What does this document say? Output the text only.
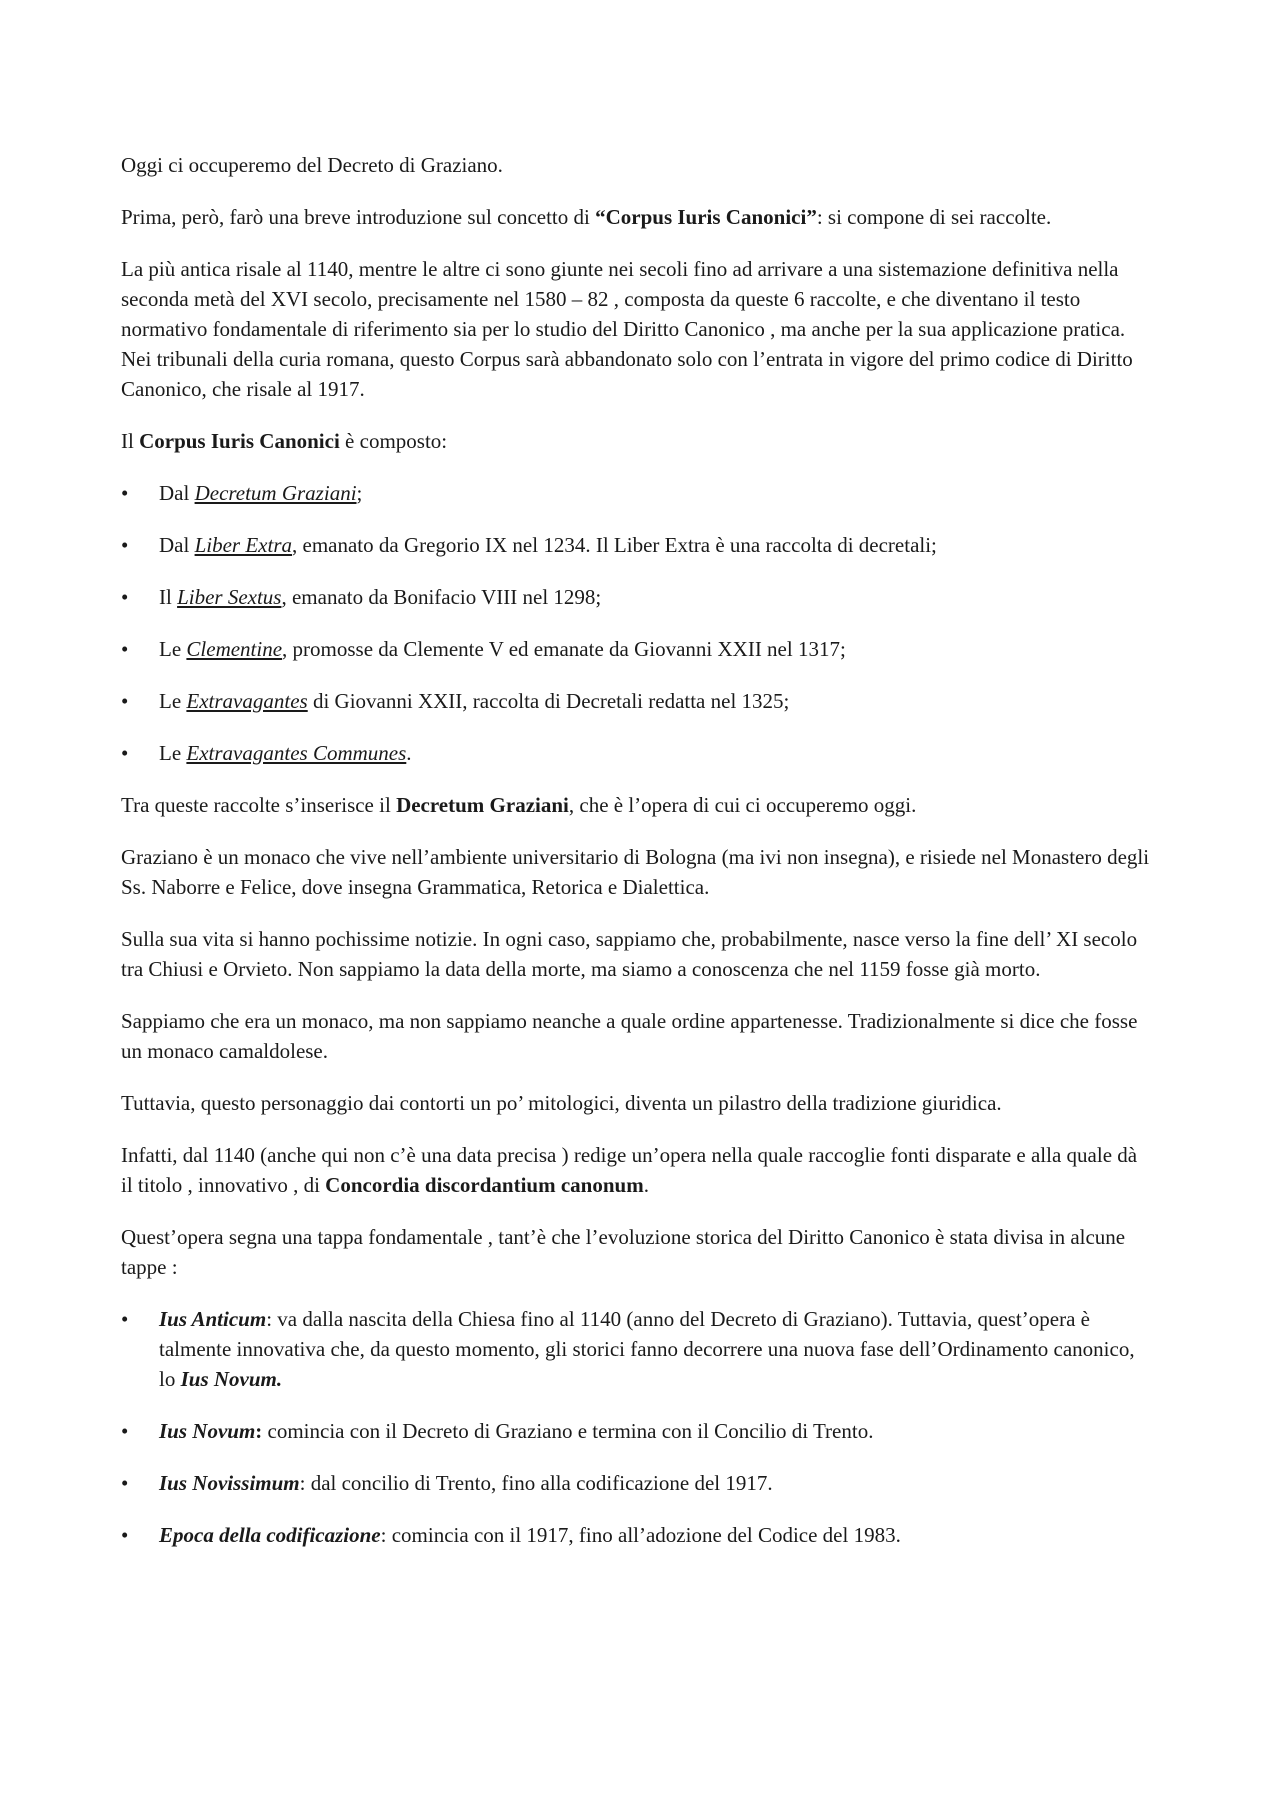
Oggi ci occuperemo del Decreto di Graziano.

Prima, però, farò una breve introduzione sul concetto di “Corpus Iuris Canonici”: si compone di sei raccolte.

La più antica risale al 1140, mentre le altre ci sono giunte nei secoli fino ad arrivare a una sistemazione definitiva nella seconda metà del XVI secolo, precisamente nel 1580 – 82 , composta da queste 6 raccolte, e che diventano il testo normativo fondamentale di riferimento sia per lo studio del Diritto Canonico , ma anche per la sua applicazione pratica. Nei tribunali della curia romana, questo Corpus sarà abbandonato solo con l’entrata in vigore del primo codice di Diritto Canonico, che risale al 1917.

Il Corpus Iuris Canonici è composto:

• Dal Decretum Graziani;
• Dal Liber Extra, emanato da Gregorio IX nel 1234. Il Liber Extra è una raccolta di decretali;
• Il Liber Sextus, emanato da Bonifacio VIII nel 1298;
• Le Clementine, promosse da Clemente V ed emanate da Giovanni XXII nel 1317;
• Le Extravagantes di Giovanni XXII, raccolta di Decretali redatta nel 1325;
• Le Extravagantes Communes.

Tra queste raccolte s’inserisce il Decretum Graziani, che è l’opera di cui ci occuperemo oggi.

Graziano è un monaco che vive nell’ambiente universitario di Bologna (ma ivi non insegna), e risiede nel Monastero degli Ss. Naborre e Felice, dove insegna Grammatica, Retorica e Dialettica.

Sulla sua vita si hanno pochissime notizie. In ogni caso, sappiamo che, probabilmente, nasce verso la fine dell’ XI secolo tra Chiusi e Orvieto. Non sappiamo la data della morte, ma siamo a conoscenza che nel 1159 fosse già morto.

Sappiamo che era un monaco, ma non sappiamo neanche a quale ordine appartenesse. Tradizionalmente si dice che fosse un monaco camaldolese.

Tuttavia, questo personaggio dai contorti un po’ mitologici, diventa un pilastro della tradizione giuridica.

Infatti, dal 1140 (anche qui non c’è una data precisa ) redige un’opera nella quale raccoglie fonti disparate e alla quale dà il titolo , innovativo , di Concordia discordantium canonum.

Quest’opera segna una tappa fondamentale , tant’è che l’evoluzione storica del Diritto Canonico è stata divisa in alcune tappe :

• Ius Anticum: va dalla nascita della Chiesa fino al 1140 (anno del Decreto di Graziano). Tuttavia, quest’opera è talmente innovativa che, da questo momento, gli storici fanno decorrere una nuova fase dell’Ordinamento canonico, lo Ius Novum.
• Ius Novum: comincia con il Decreto di Graziano e termina con il Concilio di Trento.
• Ius Novissimum: dal concilio di Trento, fino alla codificazione del 1917.
• Epoca della codificazione: comincia con il 1917, fino all’adozione del Codice del 1983.
